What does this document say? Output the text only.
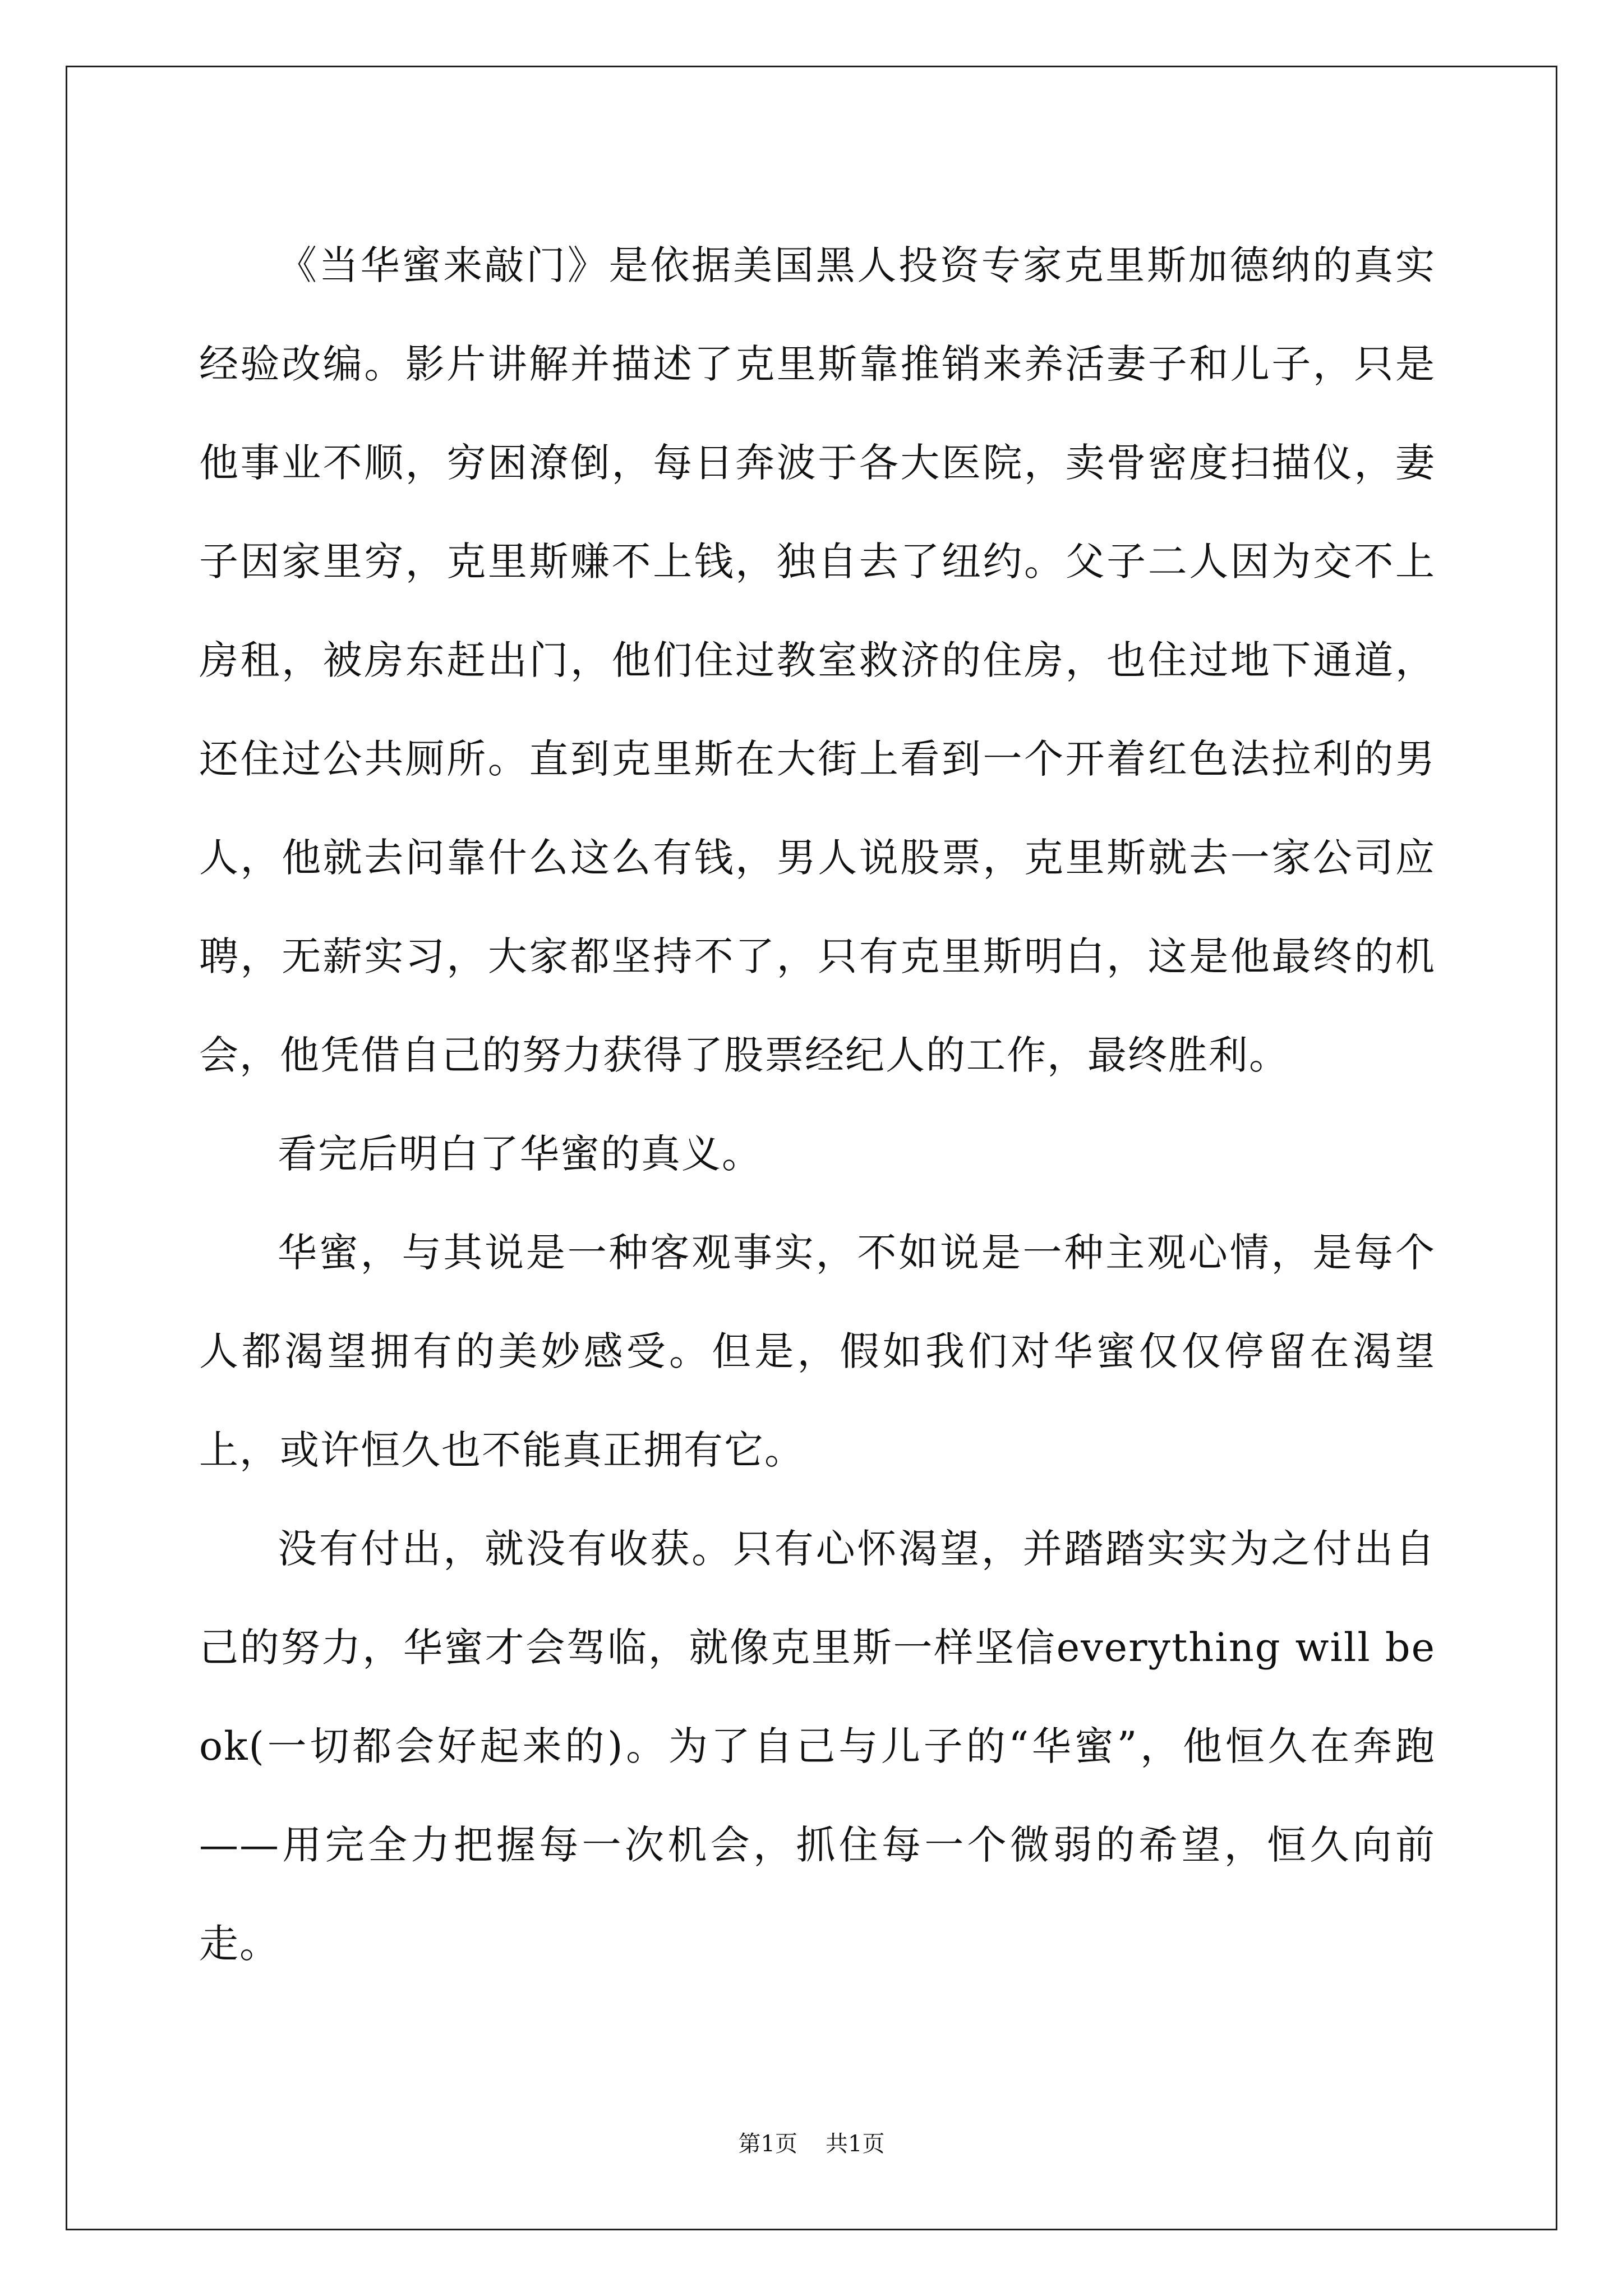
《当华蜜来敲门》是依据美国黑人投资专家克里斯加德纳的真实经验改编。影片讲解并描述了克里斯靠推销来养活妻子和儿子，只是他事业不顺，穷困潦倒，每日奔波于各大医院，卖骨密度扫描仪，妻子因家里穷，克里斯赚不上钱，独自去了纽约。父子二人因为交不上房租，被房东赶出门，他们住过教室救济的住房，也住过地下通道，还住过公共厕所。直到克里斯在大街上看到一个开着红色法拉利的男人，他就去问靠什么这么有钱，男人说股票，克里斯就去一家公司应聘，无薪实习，大家都坚持不了，只有克里斯明白，这是他最终的机会，他凭借自己的努力获得了股票经纪人的工作，最终胜利。

看完后明白了华蜜的真义。

华蜜，与其说是一种客观事实，不如说是一种主观心情，是每个人都渴望拥有的美妙感受。但是，假如我们对华蜜仅仅停留在渴望上，或许恒久也不能真正拥有它。

没有付出，就没有收获。只有心怀渴望，并踏踏实实为之付出自己的努力，华蜜才会驾临，就像克里斯一样坚信everything will be ok(一切都会好起来的)。为了自己与儿子的“华蜜”，他恒久在奔跑——用完全力把握每一次机会，抓住每一个微弱的希望，恒久向前走。

第1页 共1页
